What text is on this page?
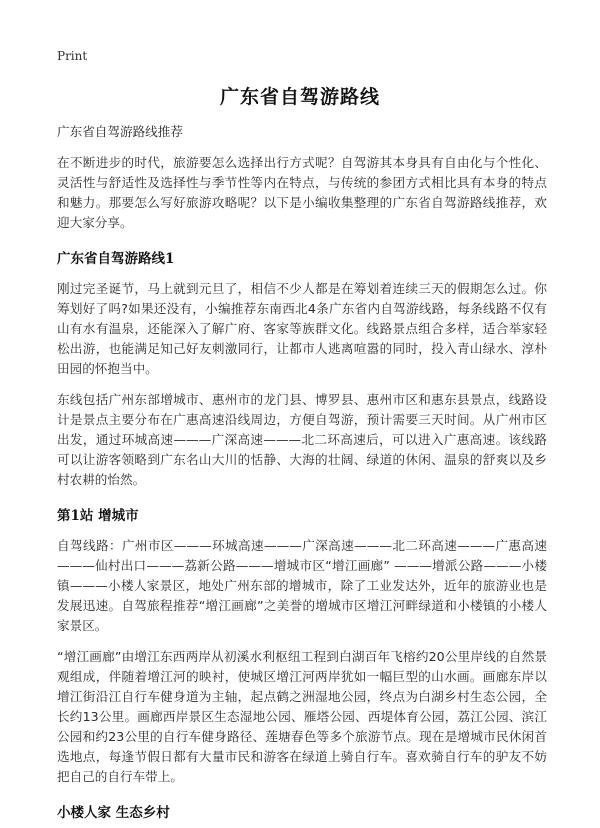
Print
广东省自驾游路线
广东省自驾游路线推荐

在不断进步的时代，旅游要怎么选择出行方式呢？自驾游其本身具有自由化与个性化、灵活性与舒适性及选择性与季节性等内在特点，与传统的参团方式相比具有本身的特点和魅力。那要怎么写好旅游攻略呢？以下是小编收集整理的广东省自驾游路线推荐，欢迎大家分享。

广东省自驾游路线1

刚过完圣诞节，马上就到元旦了，相信不少人都是在筹划着连续三天的假期怎么过。你筹划好了吗?如果还没有，小编推荐东南西北4条广东省内自驾游线路，每条线路不仅有山有水有温泉，还能深入了解广府、客家等族群文化。线路景点组合多样，适合举家轻松出游，也能满足知己好友刺激同行，让都市人逃离喧嚣的同时，投入青山绿水、淳朴田园的怀抱当中。

东线包括广州东部增城市、惠州市的龙门县、博罗县、惠州市区和惠东县景点，线路设计是景点主要分布在广惠高速沿线周边，方便自驾游，预计需要三天时间。从广州市区出发，通过环城高速———广深高速———北二环高速后，可以进入广惠高速。该线路可以让游客领略到广东名山大川的恬静、大海的壮阔、绿道的休闲、温泉的舒爽以及乡村农耕的怡然。

第1站 增城市

自驾线路：广州市区———环城高速———广深高速———北二环高速———广惠高速———仙村出口———荔新公路———增城市区“增江画廊” ———增派公路———小楼镇———小楼人家景区，地处广州东部的增城市，除了工业发达外，近年的旅游业也是发展迅速。自驾旅程推荐“增江画廊”之美誉的增城市区增江河畔绿道和小楼镇的小楼人家景区。

“增江画廊”由增江东西两岸从初溪水利枢纽工程到白湖百年飞榕约20公里岸线的自然景观组成，伴随着增江河的映衬，使城区增江河两岸犹如一幅巨型的山水画。画廊东岸以增江街沿江自行车健身道为主轴，起点鹤之洲湿地公园，终点为白湖乡村生态公园，全长约13公里。画廊西岸景区生态湿地公园、雁塔公园、西堤体育公园，荔江公园、滨江公园和约23公里的自行车健身路径、莲塘春色等多个旅游节点。现在是增城市民休闲首选地点，每逢节假日都有大量市民和游客在绿道上骑自行车。喜欢骑自行车的驴友不妨把自己的自行车带上。

小楼人家 生态乡村
